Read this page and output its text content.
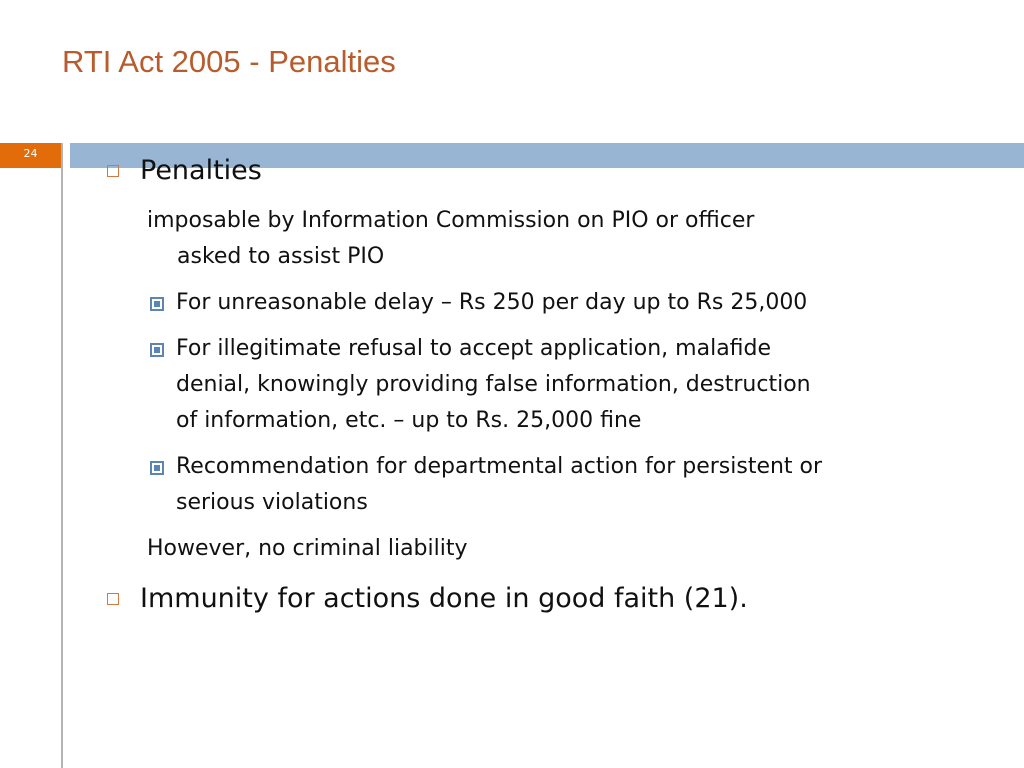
RTI Act 2005 - Penalties
24
Penalties
imposable by Information Commission on PIO or officer
asked to assist PIO
For unreasonable delay – Rs 250 per day up to Rs 25,000
For illegitimate refusal to accept application, malafide
denial, knowingly providing false information, destruction
of information, etc. – up to Rs. 25,000 fine
Recommendation for departmental action for persistent or
serious violations
However, no criminal liability
Immunity for actions done in good faith (21).
